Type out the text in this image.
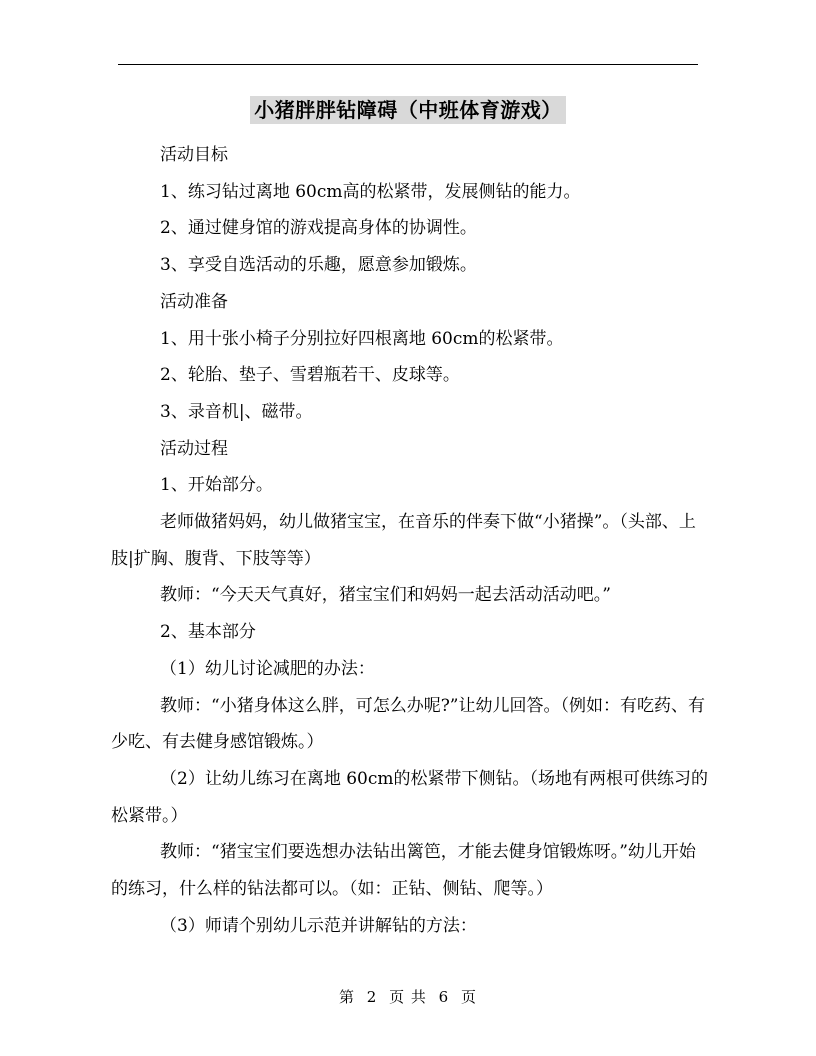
小猪胖胖钻障碍（中班体育游戏）

活动目标

1、练习钻过离地 60cm高的松紧带，发展侧钻的能力。

2、通过健身馆的游戏提高身体的协调性。

3、享受自选活动的乐趣，愿意参加锻炼。

活动准备

1、用十张小椅子分别拉好四根离地 60cm的松紧带。

2、轮胎、垫子、雪碧瓶若干、皮球等。

3、录音机|、磁带。

活动过程

1、开始部分。

老师做猪妈妈，幼儿做猪宝宝，在音乐的伴奏下做“小猪操”。（头部、上肢|扩胸、腹背、下肢等等）

教师：“今天天气真好，猪宝宝们和妈妈一起去活动活动吧。”

2、基本部分

（1）幼儿讨论减肥的办法：

教师：“小猪身体这么胖，可怎么办呢?”让幼儿回答。（例如：有吃药、有少吃、有去健身感馆锻炼。）

（2）让幼儿练习在离地 60cm的松紧带下侧钻。（场地有两根可供练习的松紧带。）

教师：“猪宝宝们要选想办法钻出篱笆，才能去健身馆锻炼呀。”幼儿开始的练习，什么样的钻法都可以。（如：正钻、侧钻、爬等。）

（3）师请个别幼儿示范并讲解钻的方法：

第 2 页 共 6 页
